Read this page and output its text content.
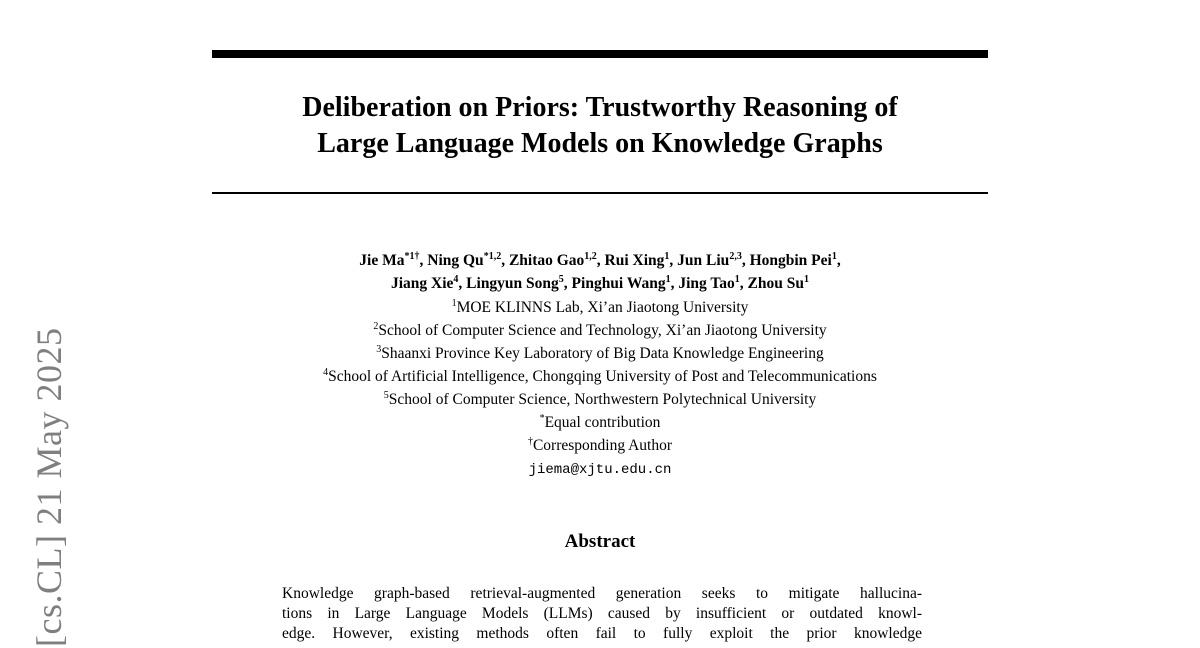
[cs.CL] 21 May 2025
Deliberation on Priors: Trustworthy Reasoning of
Large Language Models on Knowledge Graphs
Jie $Ma^{*1\dagger}$, Ning Qu$^{*1,2}$, Zhitao Gao$^{1,2}$, Rui Xing$^1$, Jun Liu$^{2,3}$, Hongbin Pei$^1$,
Jiang Xie$^4$, Lingyun Song$^5$, Pinghui Wang$^1$, Jing Tao$^1$, Zhou Su$^1$
$^1$MOE KLINNS Lab, Xi’an Jiaotong University
$^2$School of Computer Science and Technology, Xi’an Jiaotong University
$^3$Shaanxi Province Key Laboratory of Big Data Knowledge Engineering
$^4$School of Artificial Intelligence, Chongqing University of Post and Telecommunications
$^5$School of Computer Science, Northwestern Polytechnical University
*Equal contribution
†Corresponding Author
jiema@xjtu.edu.cn
Abstract
Knowledge graph-based retrieval-augmented generation seeks to mitigate hallucina-
tions in Large Language Models (LLMs) caused by insufficient or outdated knowl-
edge. However, existing methods often fail to fully exploit the prior knowledge
